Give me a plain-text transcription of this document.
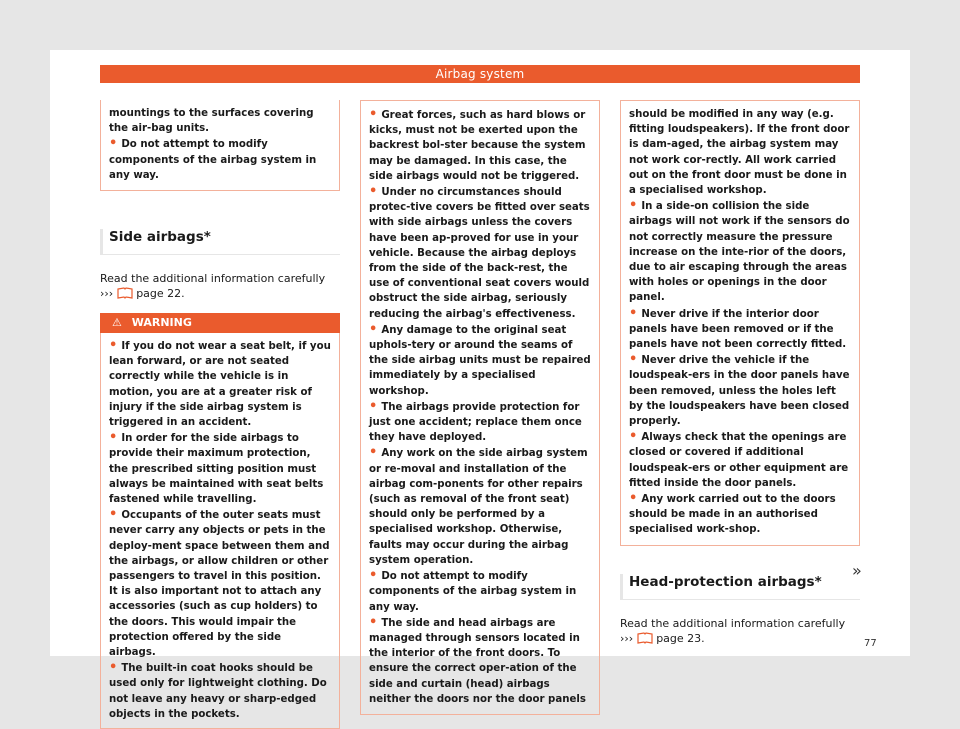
Airbag system

mountings to the surfaces covering the air-bag units.

• Do not attempt to modify components of the airbag system in any way.

Side airbags*
Read the additional information carefully
››› page 22.
⚠ WARNING

• If you do not wear a seat belt, if you lean forward, or are not seated correctly while the vehicle is in motion, you are at a greater risk of injury if the side airbag system is triggered in an accident.

• In order for the side airbags to provide their maximum protection, the prescribed sitting position must always be maintained with seat belts fastened while travelling.

• Occupants of the outer seats must never carry any objects or pets in the deploy-ment space between them and the airbags, or allow children or other passengers to travel in this position. It is also important not to attach any accessories (such as cup holders) to the doors. This would impair the protection offered by the side airbags.

• The built-in coat hooks should be used only for lightweight clothing. Do not leave any heavy or sharp-edged objects in the pockets.

• Great forces, such as hard blows or kicks, must not be exerted upon the backrest bol-ster because the system may be damaged. In this case, the side airbags would not be triggered.

• Under no circumstances should protec-tive covers be fitted over seats with side airbags unless the covers have been ap-proved for use in your vehicle. Because the airbag deploys from the side of the back-rest, the use of conventional seat covers would obstruct the side airbag, seriously reducing the airbag's effectiveness.

• Any damage to the original seat uphols-tery or around the seams of the side airbag units must be repaired immediately by a specialised workshop.

• The airbags provide protection for just one accident; replace them once they have deployed.

• Any work on the side airbag system or re-moval and installation of the airbag com-ponents for other repairs (such as removal of the front seat) should only be performed by a specialised workshop. Otherwise, faults may occur during the airbag system operation.

• Do not attempt to modify components of the airbag system in any way.

• The side and head airbags are managed through sensors located in the interior of the front doors. To ensure the correct oper-ation of the side and curtain (head) airbags neither the doors nor the door panels

should be modified in any way (e.g. fitting loudspeakers). If the front door is dam-aged, the airbag system may not work cor-rectly. All work carried out on the front door must be done in a specialised workshop.

• In a side-on collision the side airbags will not work if the sensors do not correctly measure the pressure increase on the inte-rior of the doors, due to air escaping through the areas with holes or openings in the door panel.

• Never drive if the interior door panels have been removed or if the panels have not been correctly fitted.

• Never drive the vehicle if the loudspeak-ers in the door panels have been removed, unless the holes left by the loudspeakers have been closed properly.

• Always check that the openings are closed or covered if additional loudspeak-ers or other equipment are fitted inside the door panels.

• Any work carried out to the doors should be made in an authorised specialised work-shop.

Head-protection airbags*
Read the additional information carefully
››› page 23.
»
77
